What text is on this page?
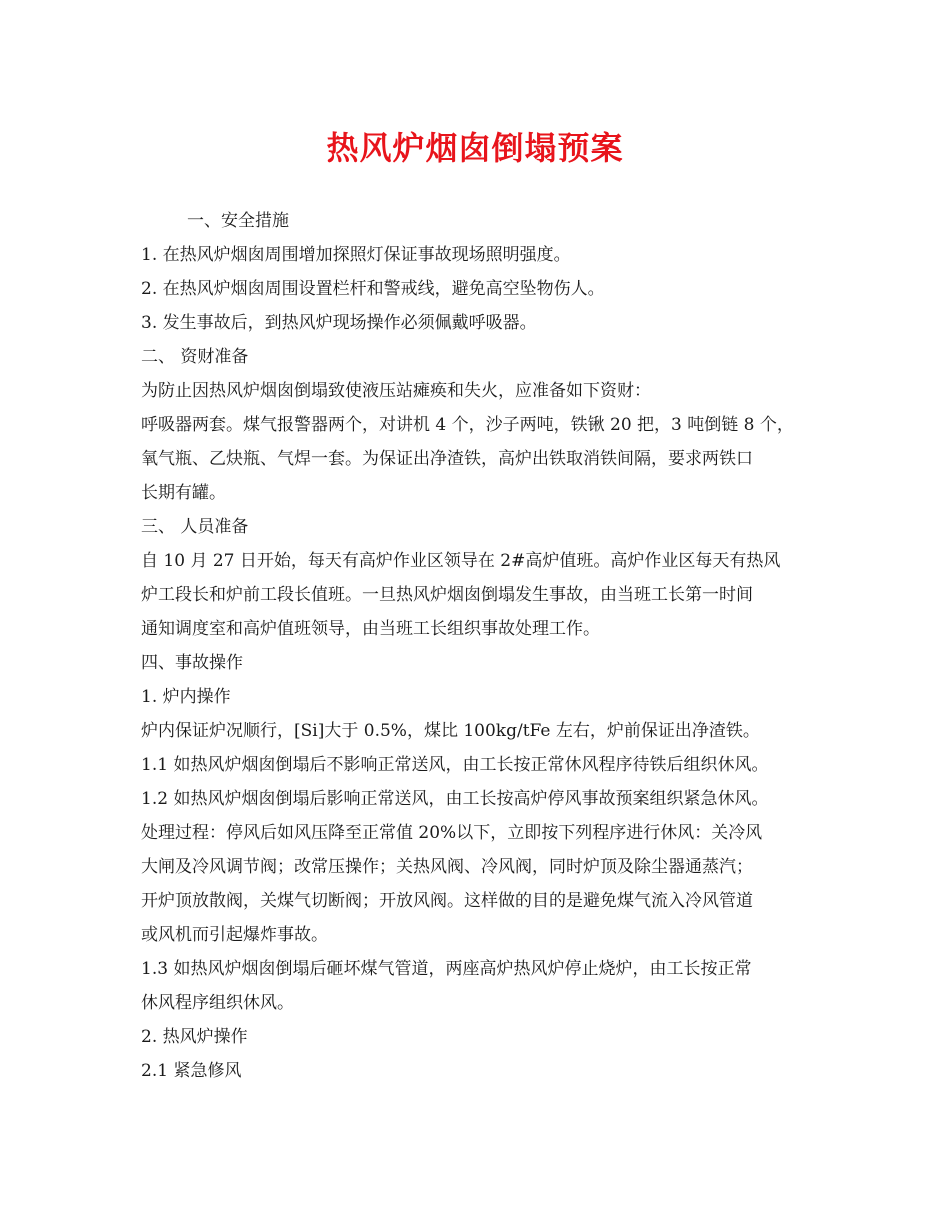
热风炉烟囱倒塌预案
一、安全措施
1. 在热风炉烟囱周围增加探照灯保证事故现场照明强度。
2. 在热风炉烟囱周围设置栏杆和警戒线，避免高空坠物伤人。
3. 发生事故后，到热风炉现场操作必须佩戴呼吸器。
二、 资财准备
为防止因热风炉烟囱倒塌致使液压站瘫痪和失火，应准备如下资财：
呼吸器两套。煤气报警器两个，对讲机 4 个，沙子两吨，铁锹 20 把，3 吨倒链 8 个，
氧气瓶、乙炔瓶、气焊一套。为保证出净渣铁，高炉出铁取消铁间隔，要求两铁口
长期有罐。
三、 人员准备
自 10 月 27 日开始，每天有高炉作业区领导在 2#高炉值班。高炉作业区每天有热风
炉工段长和炉前工段长值班。一旦热风炉烟囱倒塌发生事故，由当班工长第一时间
通知调度室和高炉值班领导，由当班工长组织事故处理工作。
四、事故操作
1. 炉内操作
炉内保证炉况顺行，[Si]大于 0.5%，煤比 100kg/tFe 左右，炉前保证出净渣铁。
1.1 如热风炉烟囱倒塌后不影响正常送风，由工长按正常休风程序待铁后组织休风。
1.2 如热风炉烟囱倒塌后影响正常送风，由工长按高炉停风事故预案组织紧急休风。
处理过程：停风后如风压降至正常值 20%以下，立即按下列程序进行休风：关冷风
大闸及冷风调节阀；改常压操作；关热风阀、冷风阀，同时炉顶及除尘器通蒸汽；
开炉顶放散阀，关煤气切断阀；开放风阀。这样做的目的是避免煤气流入冷风管道
或风机而引起爆炸事故。
1.3 如热风炉烟囱倒塌后砸坏煤气管道，两座高炉热风炉停止烧炉，由工长按正常
休风程序组织休风。
2. 热风炉操作
2.1 紧急修风
